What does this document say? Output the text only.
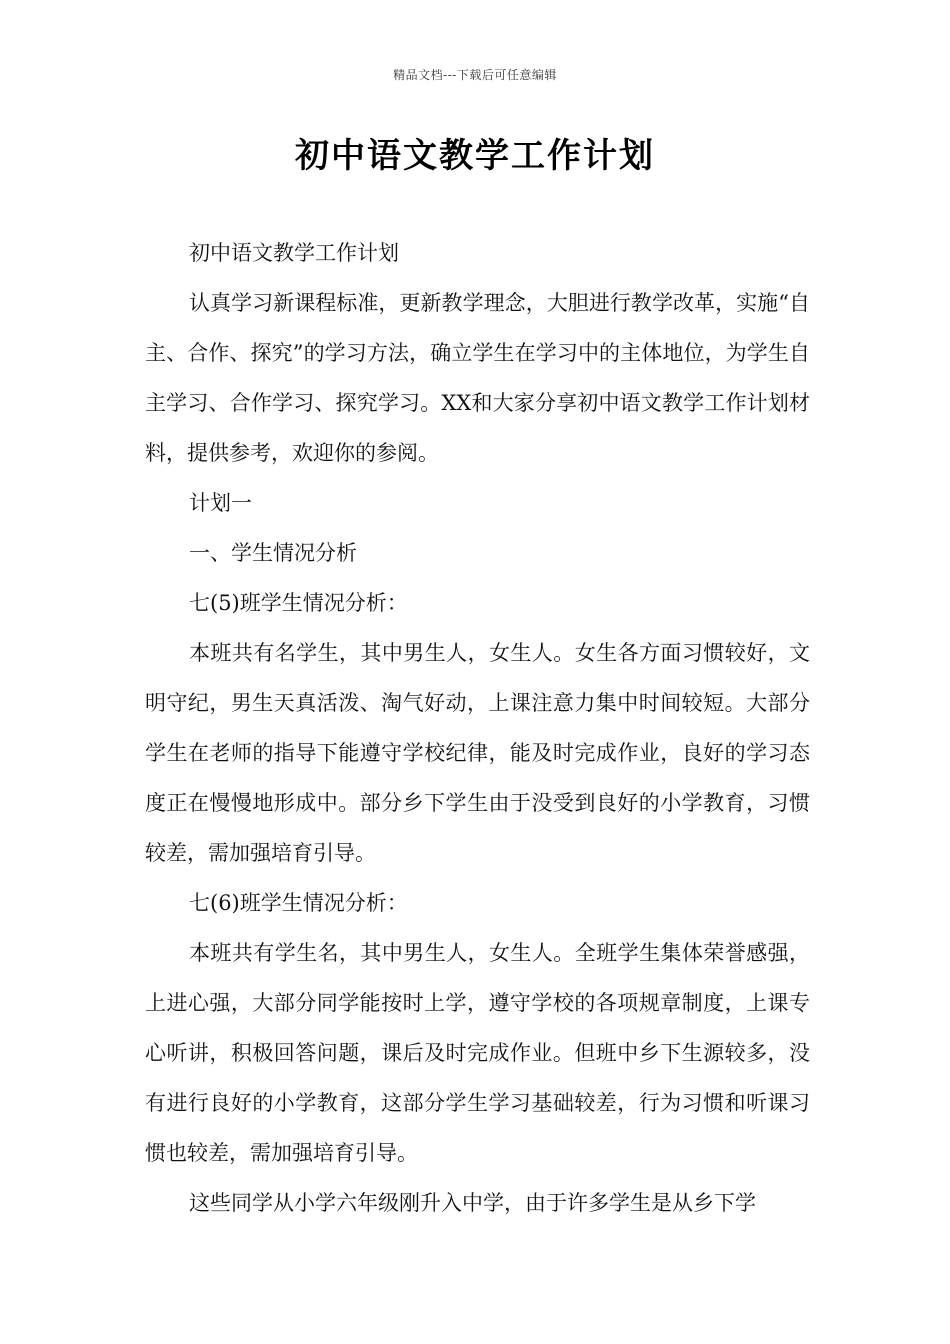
精品文档---下载后可任意编辑
初中语文教学工作计划

初中语文教学工作计划

认真学习新课程标准，更新教学理念，大胆进行教学改革，实施“自主、合作、探究”的学习方法，确立学生在学习中的主体地位，为学生自主学习、合作学习、探究学习。XX和大家分享初中语文教学工作计划材料，提供参考，欢迎你的参阅。

计划一

一、学生情况分析

七(5)班学生情况分析：

本班共有名学生，其中男生人，女生人。女生各方面习惯较好，文明守纪，男生天真活泼、淘气好动，上课注意力集中时间较短。大部分学生在老师的指导下能遵守学校纪律，能及时完成作业，良好的学习态度正在慢慢地形成中。部分乡下学生由于没受到良好的小学教育，习惯较差，需加强培育引导。

七(6)班学生情况分析：

本班共有学生名，其中男生人，女生人。全班学生集体荣誉感强，上进心强，大部分同学能按时上学，遵守学校的各项规章制度，上课专心听讲，积极回答问题，课后及时完成作业。但班中乡下生源较多，没有进行良好的小学教育，这部分学生学习基础较差，行为习惯和听课习惯也较差，需加强培育引导。

这些同学从小学六年级刚升入中学，由于许多学生是从乡下学
